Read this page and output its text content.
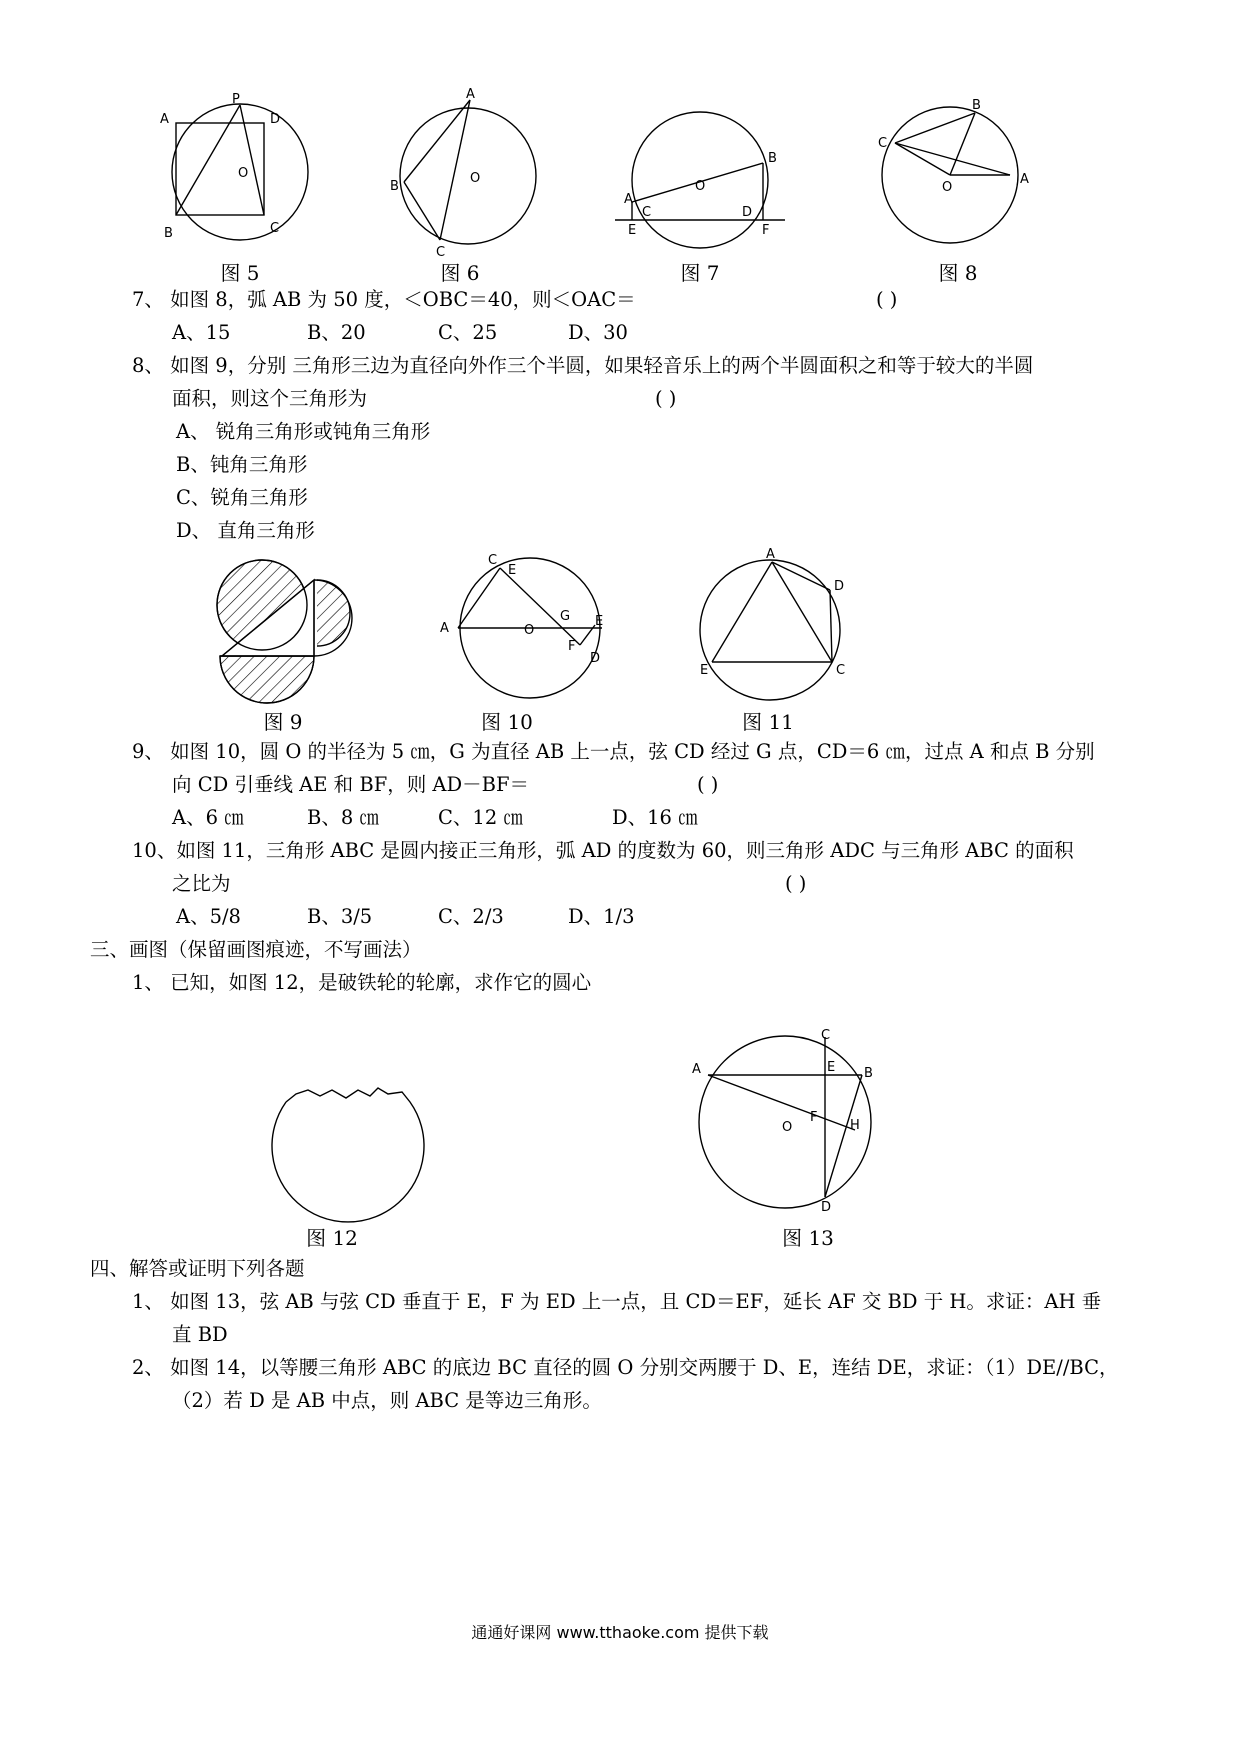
A
P
D
O
B	C
图 5
A
O
B
C
图 6
O
B
A
C	D
E	F
图 7
B
C
O
A
图 8
7、 如图 8，弧 AB 为 50 度，＜OBC＝40，则＜OAC＝	( )
A、15	B、20	C、25	D、30
8、 如图 9，分别 三角形三边为直径向外作三个半圆，如果轻音乐上的两个半圆面积之和等于较大的半圆
面积，则这个三角形为	( )
A、 锐角三角形或钝角三角形
B、钝角三角形
C、锐角三角形
D、 直角三角形
图 9
C
E
A	O
G E
F
D
图 10
A
D
E	C
图 11
9、 如图 10，圆 O 的半径为 5 ㎝，G 为直径 AB 上一点，弦 CD 经过 G 点，CD＝6 ㎝，过点 A 和点 B 分别
向 CD 引垂线 AE 和 BF，则 AD－BF＝	( )
A、6 ㎝	B、8 ㎝	C、12 ㎝	D、16 ㎝
10、如图 11，三角形 ABC 是圆内接正三角形，弧 AD 的度数为 60，则三角形 ADC 与三角形 ABC 的面积
之比为	( )
A、5/8	B、3/5	C、2/3	D、1/3
三、画图（保留画图痕迹，不写画法）
1、 已知，如图 12，是破铁轮的轮廓，求作它的圆心
图 12
C
A	E B
O
F
H
D
图 13
四、解答或证明下列各题
1、 如图 13，弦 AB 与弦 CD 垂直于 E，F 为 ED 上一点，且 CD＝EF，延长 AF 交 BD 于 H。求证：AH 垂
直 BD
2、 如图 14，以等腰三角形 ABC 的底边 BC 直径的圆 O 分别交两腰于 D、E，连结 DE，求证：（1）DE//BC，
（2）若 D 是 AB 中点，则 ABC 是等边三角形。
通通好课网 www.tthaoke.com 提供下载
